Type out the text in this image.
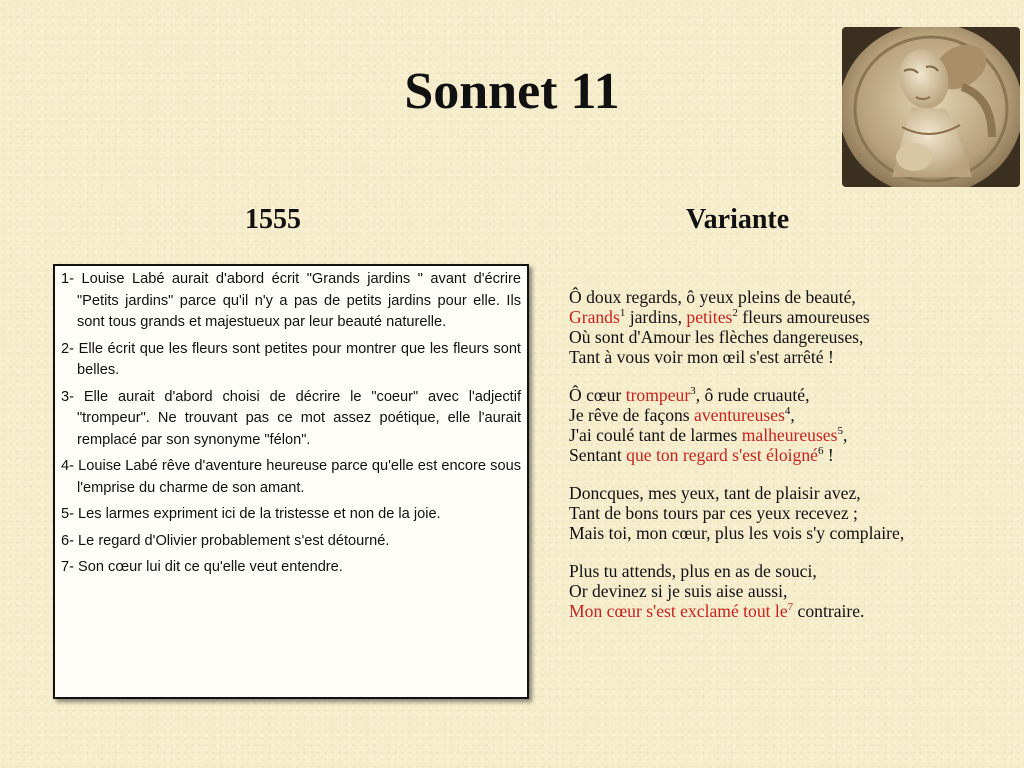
Sonnet 11
1555	Variante

1- Louise Labé aurait d'abord écrit "Grands jardins " avant d'écrire "Petits jardins" parce qu'il n'y a pas de petits jardins pour elle. Ils sont tous grands et majestueux par leur beauté naturelle.

2- Elle écrit que les fleurs sont petites pour montrer que les fleurs sont belles.

3- Elle aurait d'abord choisi de décrire le "coeur" avec l'adjectif "trompeur". Ne trouvant pas ce mot assez poétique, elle l'aurait remplacé par son synonyme "félon".

4- Louise Labé rêve d'aventure heureuse parce qu'elle est encore sous l'emprise du charme de son amant.

5- Les larmes expriment ici de la tristesse et non de la joie.

6- Le regard d'Olivier probablement s'est détourné.

7- Son cœur lui dit ce qu'elle veut entendre.

Ô doux regards, ô yeux pleins de beauté,
Grands$^1$ jardins, petites$^2$ fleurs amoureuses
Où sont d'Amour les flèches dangereuses,
Tant à vous voir mon œil s'est arrêté !
Ô cœur trompeur$^3$, ô rude cruauté,
Je rêve de façons aventureuses$^4$,
J'ai coulé tant de larmes malheureuses$^5$,
Sentant que ton regard s'est éloigné$^6$ !
Doncques, mes yeux, tant de plaisir avez,
Tant de bons tours par ces yeux recevez ;
Mais toi, mon cœur, plus les vois s'y complaire,
Plus tu attends, plus en as de souci,
Or devinez si je suis aise aussi,
Mon cœur s'est exclamé tout $le^7$ contraire.
